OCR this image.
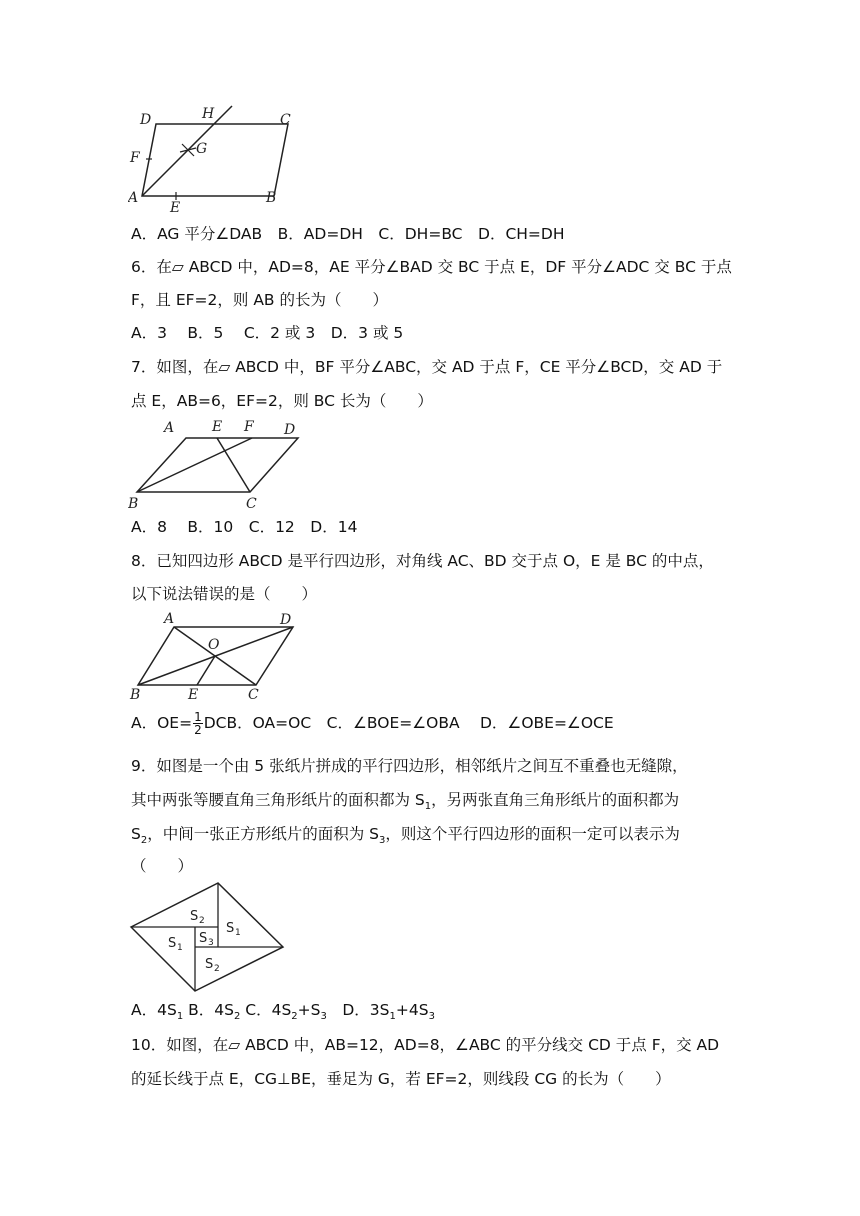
D	H	C
F
G
A
E
B
A．AG 平分∠DAB　B．AD=DH　C．DH=BC　D．CH=DH
6．在▱ ABCD 中，AD=8，AE 平分∠BAD 交 BC 于点 E，DF 平分∠ADC 交 BC 于点
F，且 EF=2，则 AB 的长为（　　）
A．3　 B．5　 C．2 或 3　D．3 或 5
7．如图，在▱ ABCD 中，BF 平分∠ABC，交 AD 于点 F，CE 平分∠BCD，交 AD 于
点 E，AB=6，EF=2，则 BC 长为（　　）
A	E F D
B	C
A．8　 B．10　C．12　D．14
8．已知四边形 ABCD 是平行四边形，对角线 AC、BD 交于点 O，E 是 BC 的中点，
以下说法错误的是（　　）
A	D
O
B	E	C
A．$OE= \frac{1}{2}$ DCB．OA=OC　C．∠BOE=∠OBA　 D．∠OBE=∠OCE
9．如图是一个由 5 张纸片拼成的平行四边形，相邻纸片之间互不重叠也无缝隙，
其中两张等腰直角三角形纸片的面积都为 $S_1$，另两张直角三角形纸片的面积都为
$S_2$，中间一张正方形纸片的面积为 $S_3$，则这个平行四边形的面积一定可以表示为
（　　）
S 2 S 1
S 1
S 3
S 2
A．$4S_1$ B．$4S_2$ C．$4S_2+S_3$　D．$3S_1+4S_3$
10．如图，在▱ ABCD 中，AB=12，AD=8，∠ABC 的平分线交 CD 于点 F，交 AD
的延长线于点 E，CG⊥BE，垂足为 G，若 EF=2，则线段 CG 的长为（　　）
